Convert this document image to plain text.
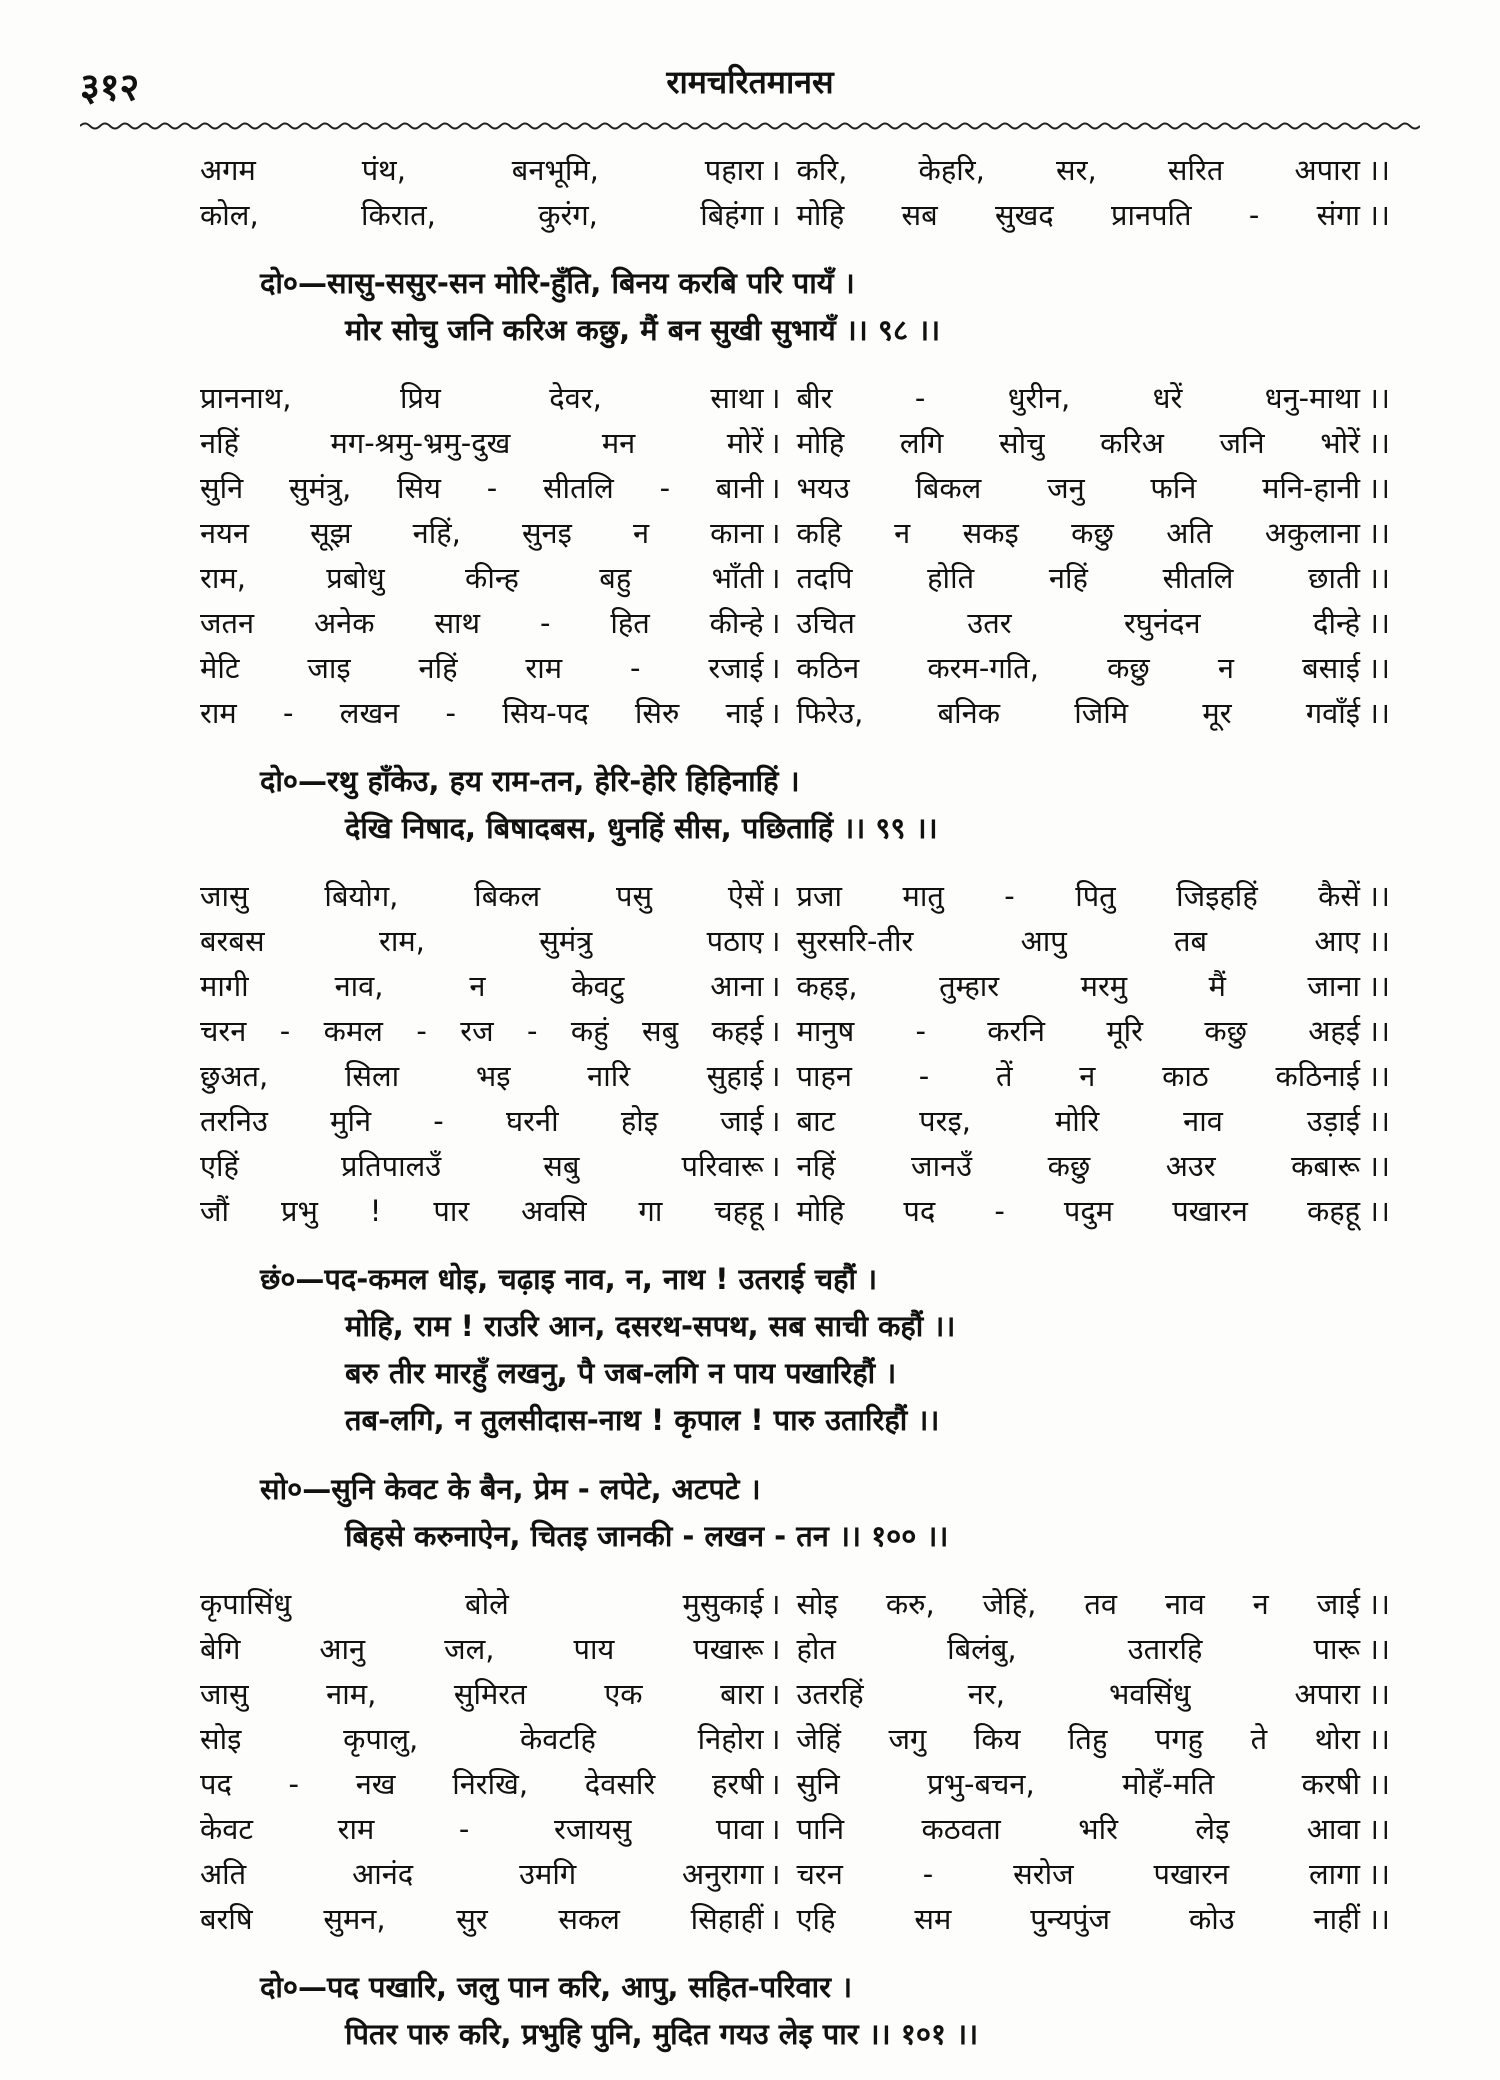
३१२	रामचरितमानस
अगम पंथ, बनभूमि, पहारा । करि, केहरि, सर, सरित अपारा ।।
कोल, किरात, कुरंग, बिहंगा । मोहि सब सुखद प्रानपति - संगा ।।
दो०—सासु-ससुर-सन मोरि-हुँति, बिनय करबि परि पायँ ।
मोर सोचु जनि करिअ कछु, मैं बन सुखी सुभायँ ।। ९८ ।।
प्राननाथ, प्रिय देवर, साथा । बीर - धुरीन, धरें धनु-माथा ।।
नहिं मग-श्रमु-भ्रमु-दुख मन मोरें । मोहि लगि सोचु करिअ जनि भोरें ।।
सुनि सुमंत्रु, सिय - सीतलि - बानी । भयउ बिकल जनु फनि मनि-हानी ।।
नयन सूझ नहिं, सुनइ न काना । कहि न सकइ कछु अति अकुलाना ।।
राम, प्रबोधु कीन्ह बहु भाँती । तदपि होति नहिं सीतलि छाती ।।
जतन अनेक साथ - हित कीन्हे । उचित उतर रघुनंदन दीन्हे ।।
मेटि जाइ नहिं राम - रजाई । कठिन करम-गति, कछु न बसाई ।।
राम - लखन - सिय-पद सिरु नाई । फिरेउ, बनिक जिमि मूर गवाँई ।।
दो०—रथु हाँकेउ, हय राम-तन, हेरि-हेरि हिहिनाहिं ।
देखि निषाद, बिषादबस, धुनहिं सीस, पछिताहिं ।। ९९ ।।
जासु बियोग, बिकल पसु ऐसें । प्रजा मातु - पितु जिइहहिं कैसें ।।
बरबस राम, सुमंत्रु पठाए । सुरसरि-तीर आपु तब आए ।।
मागी नाव, न केवटु आना । कहइ, तुम्हार मरमु मैं जाना ।।
चरन - कमल - रज - कहुं सबु कहई । मानुष - करनि मूरि कछु अहई ।।
छुअत, सिला भइ नारि सुहाई । पाहन - तें न काठ कठिनाई ।।
तरनिउ मुनि - घरनी होइ जाई । बाट परइ, मोरि नाव उड़ाई ।।
एहिं प्रतिपालउँ सबु परिवारू । नहिं जानउँ कछु अउर कबारू ।।
जौं प्रभु ! पार अवसि गा चहहू । मोहि पद - पदुम पखारन कहहू ।।
छं०—पद-कमल धोइ, चढ़ाइ नाव, न, नाथ ! उतराई चहौं ।
मोहि, राम ! राउरि आन, दसरथ-सपथ, सब साची कहौं ।।
बरु तीर मारहुँ लखनु, पै जब-लगि न पाय पखारिहौं ।
तब-लगि, न तुलसीदास-नाथ ! कृपाल ! पारु उतारिहौं ।।
सो०—सुनि केवट के बैन, प्रेम - लपेटे, अटपटे ।
बिहसे करुनाऐन, चितइ जानकी - लखन - तन ।। १०० ।।
कृपासिंधु बोले मुसुकाई । सोइ करु, जेहिं, तव नाव न जाई ।।
बेगि आनु जल, पाय पखारू । होत बिलंबु, उतारहि पारू ।।
जासु नाम, सुमिरत एक बारा । उतरहिं नर, भवसिंधु अपारा ।।
सोइ कृपालु, केवटहि निहोरा । जेहिं जगु किय तिहु पगहु ते थोरा ।।
पद - नख निरखि, देवसरि हरषी । सुनि प्रभु-बचन, मोहँ-मति करषी ।।
केवट राम - रजायसु पावा । पानि कठवता भरि लेइ आवा ।।
अति आनंद उमगि अनुरागा । चरन - सरोज पखारन लागा ।।
बरषि सुमन, सुर सकल सिहाहीं । एहि सम पुन्यपुंज कोउ नाहीं ।।
दो०—पद पखारि, जलु पान करि, आपु, सहित-परिवार ।
पितर पारु करि, प्रभुहि पुनि, मुदित गयउ लेइ पार ।। १०१ ।।
